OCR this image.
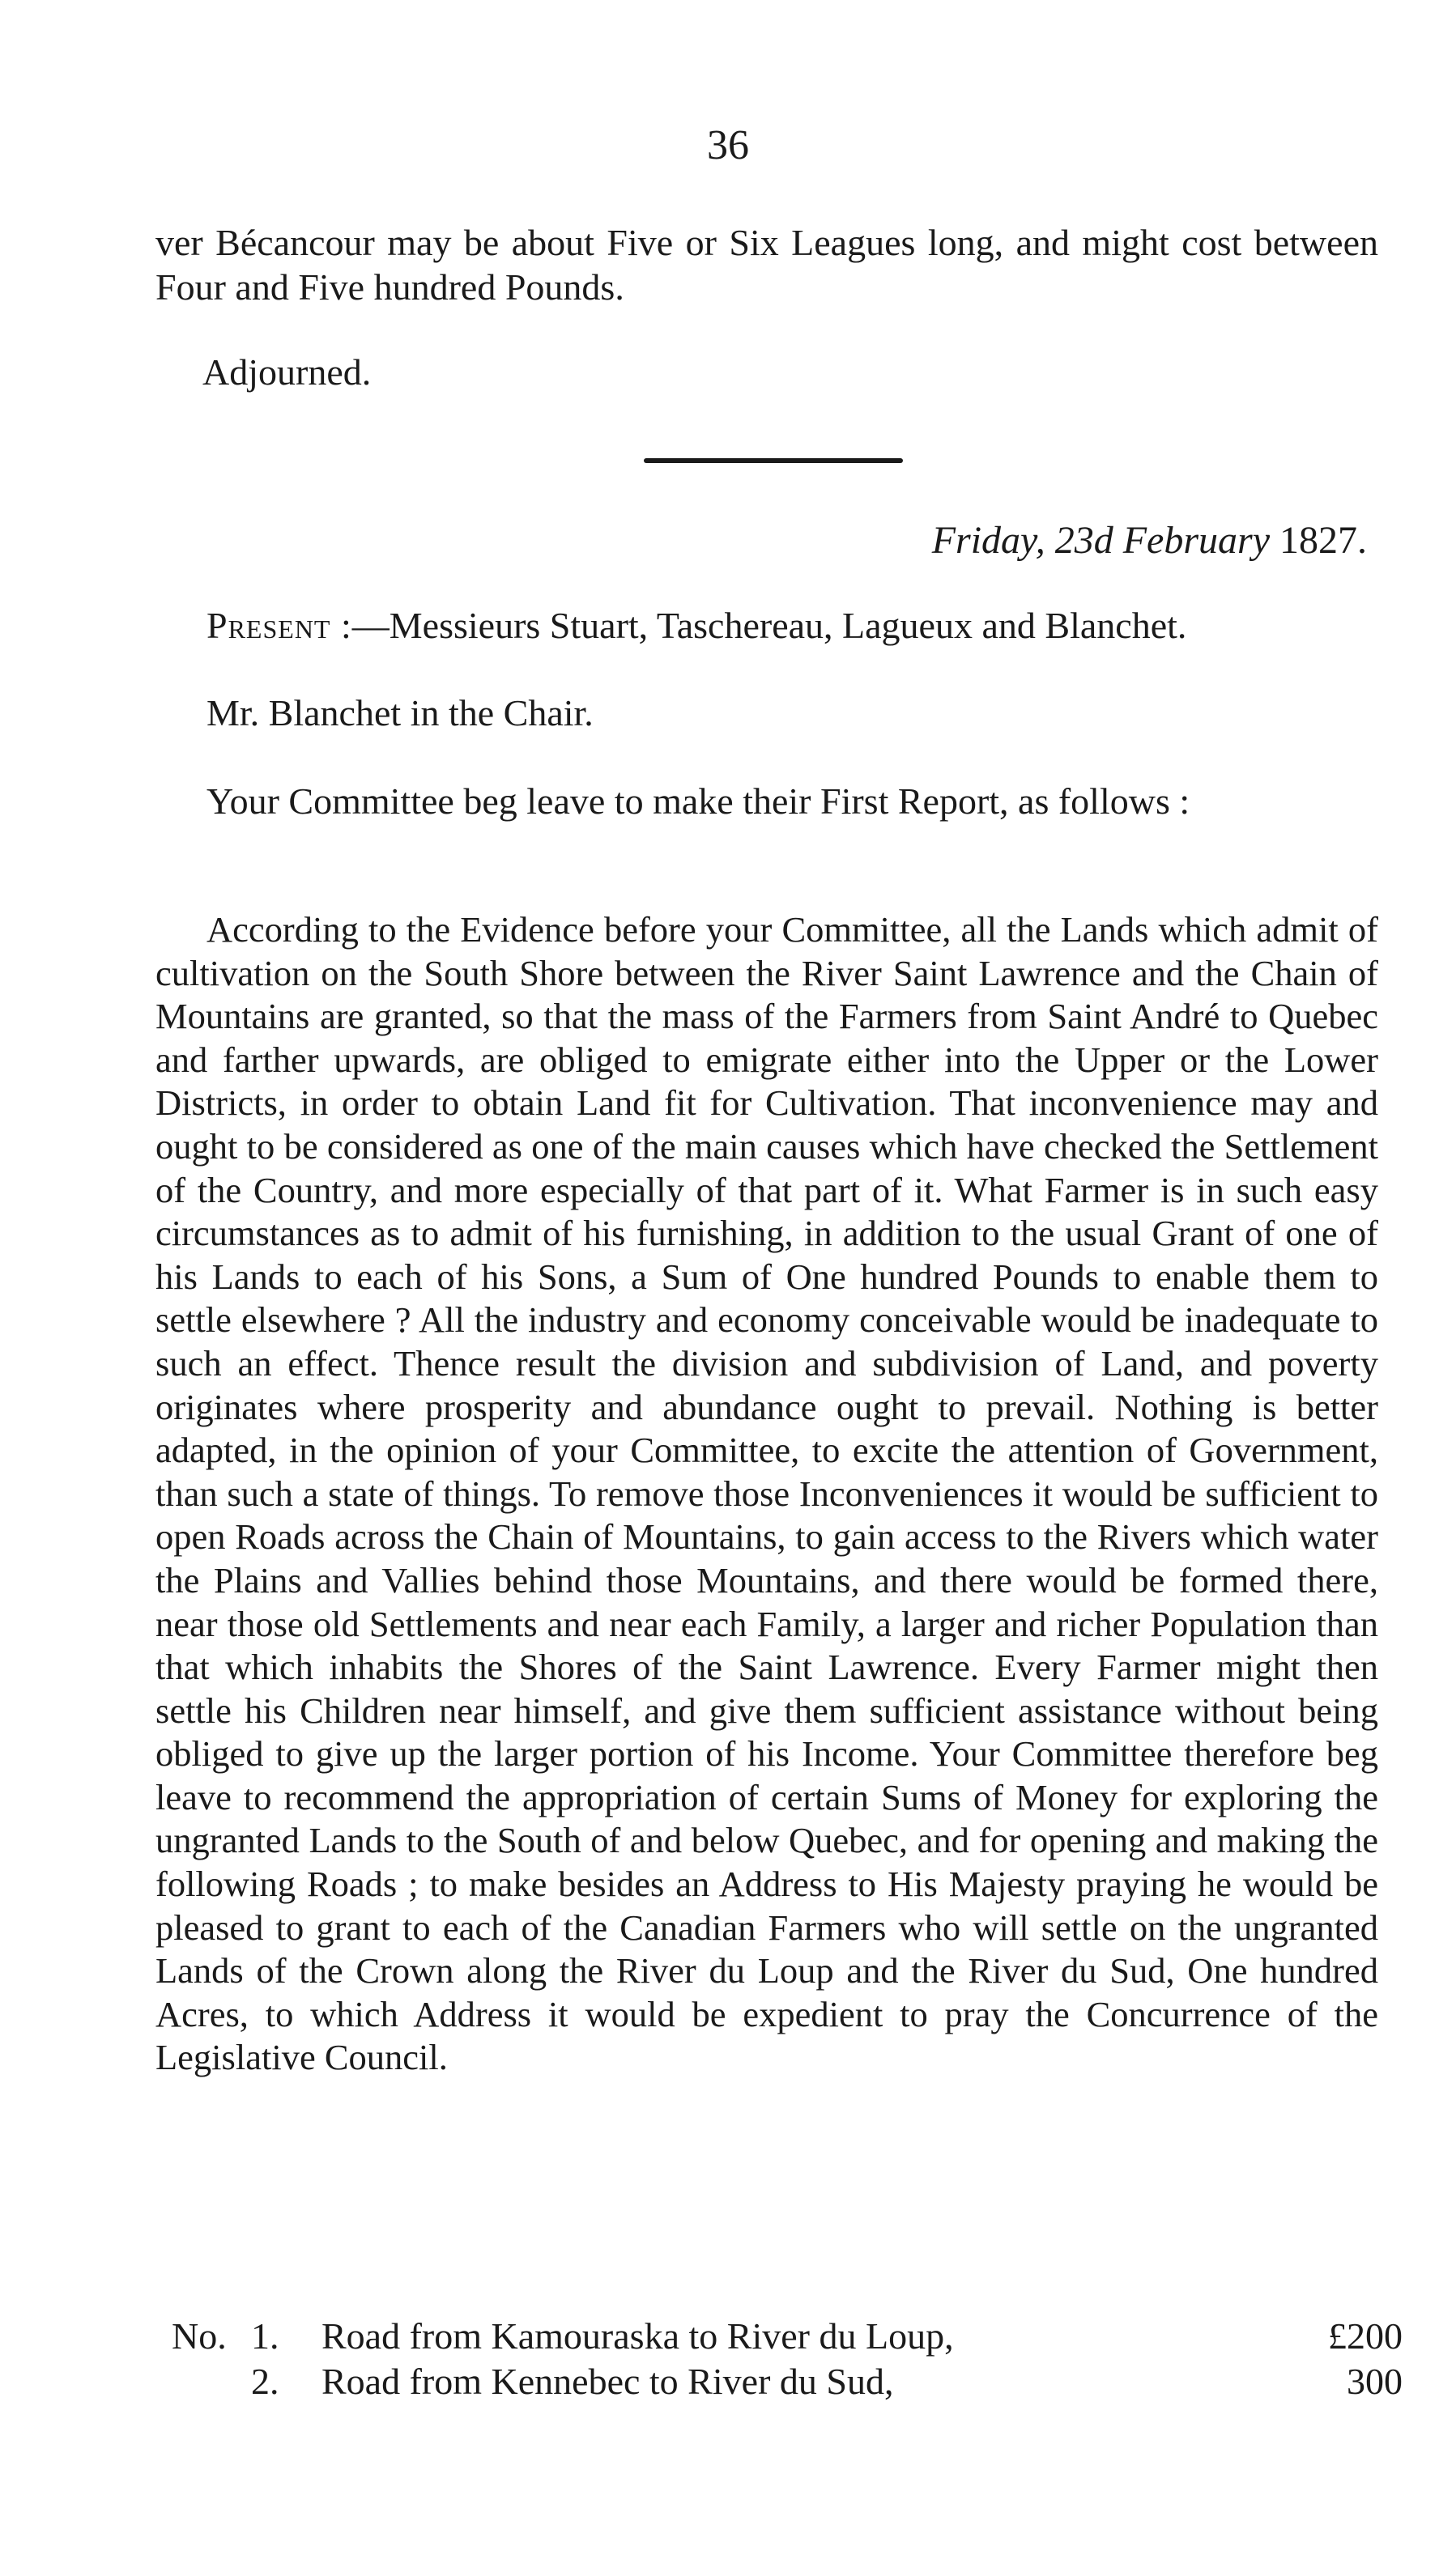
36
ver Bécancour may be about Five or Six Leagues long, and might cost between Four and Five hundred Pounds.
Adjourned.
Friday, 23d February 1827.
Present :—Messieurs Stuart, Taschereau, Lagueux and Blanchet.
Mr. Blanchet in the Chair.
Your Committee beg leave to make their First Report, as follows :

According to the Evidence before your Committee, all the Lands which admit of cultivation on the South Shore between the River Saint Lawrence and the Chain of Mountains are granted, so that the mass of the Farmers from Saint André to Quebec and farther upwards, are obliged to emigrate either into the Upper or the Lower Districts, in order to obtain Land fit for Cultivation. That inconvenience may and ought to be considered as one of the main causes which have checked the Settlement of the Country, and more especially of that part of it. What Farmer is in such easy circumstances as to admit of his furnishing, in addition to the usual Grant of one of his Lands to each of his Sons, a Sum of One hundred Pounds to enable them to settle elsewhere ? All the industry and economy conceivable would be inadequate to such an effect. Thence result the division and subdivision of Land, and poverty originates where prosperity and abundance ought to prevail. Nothing is better adapted, in the opinion of your Committee, to excite the attention of Government, than such a state of things. To remove those Inconveniences it would be sufficient to open Roads across the Chain of Mountains, to gain access to the Rivers which water the Plains and Vallies behind those Mountains, and there would be formed there, near those old Settlements and near each Family, a larger and richer Population than that which inhabits the Shores of the Saint Lawrence. Every Farmer might then settle his Children near himself, and give them sufficient assistance without being obliged to give up the larger portion of his Income. Your Committee therefore beg leave to recommend the appropriation of certain Sums of Money for exploring the ungranted Lands to the South of and below Quebec, and for opening and making the following Roads ; to make besides an Address to His Majesty praying he would be pleased to grant to each of the Canadian Farmers who will settle on the ungranted Lands of the Crown along the River du Loup and the River du Sud, One hundred Acres, to which Address it would be expedient to pray the Concurrence of the Legislative Council.

No. 1. Road from Kamouraska to River du Loup,	£200
2. Road from Kennebec to River du Sud,	300
